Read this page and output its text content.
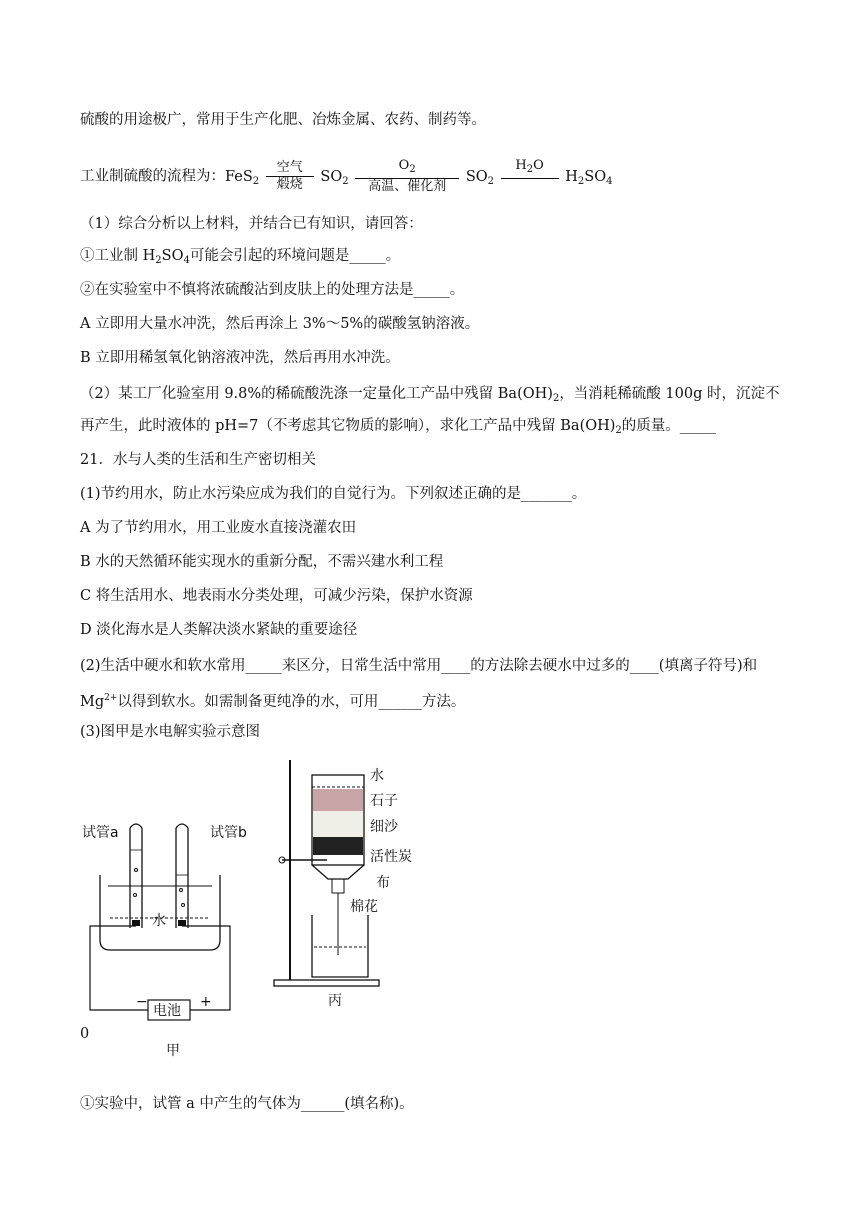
硫酸的用途极广，常用于生产化肥、冶炼金属、农药、制药等。
工业制硫酸的流程为：FeS$_2$
空气
煅烧	$SO_2$
$O_2$
高温、催化剂
$SO_2$
$H_2O$

$H_2SO_4$
（1）综合分析以上材料，并结合已有知识，请回答：
①工业制 $H_2SO_4$可能会引起的环境问题是_____。
②在实验室中不慎将浓硫酸沾到皮肤上的处理方法是_____。
A 立即用大量水冲洗，然后再涂上 3%～5%的碳酸氢钠溶液。
B 立即用稀氢氧化钠溶液冲洗，然后再用水冲洗。
（2）某工厂化验室用 9.8%的稀硫酸洗涤一定量化工产品中残留 $Ba(OH)_2$，当消耗稀硫酸 100g 时，沉淀不
再产生，此时液体的 pH=7（不考虑其它物质的影响），求化工产品中残留 $Ba(OH)_2$的质量。_____
21．水与人类的生活和生产密切相关
(1)节约用水，防止水污染应成为我们的自觉行为。下列叙述正确的是_______。
A 为了节约用水，用工业废水直接浇灌农田
B 水的天然循环能实现水的重新分配，不需兴建水利工程
C 将生活用水、地表雨水分类处理，可减少污染，保护水资源
D 淡化海水是人类解决淡水紧缺的重要途径
(2)生活中硬水和软水常用_____来区分，日常生活中常用____的方法除去硬水中过多的____(填离子符号)和
$Mg^{2+}$以得到软水。如需制备更纯净的水，可用______方法。
(3)图甲是水电解实验示意图
试管a	试管b
水
电池
−	+
甲
水
石子
细沙
活性炭
布
棉花
丙
0
①实验中，试管 a 中产生的气体为______(填名称)。
